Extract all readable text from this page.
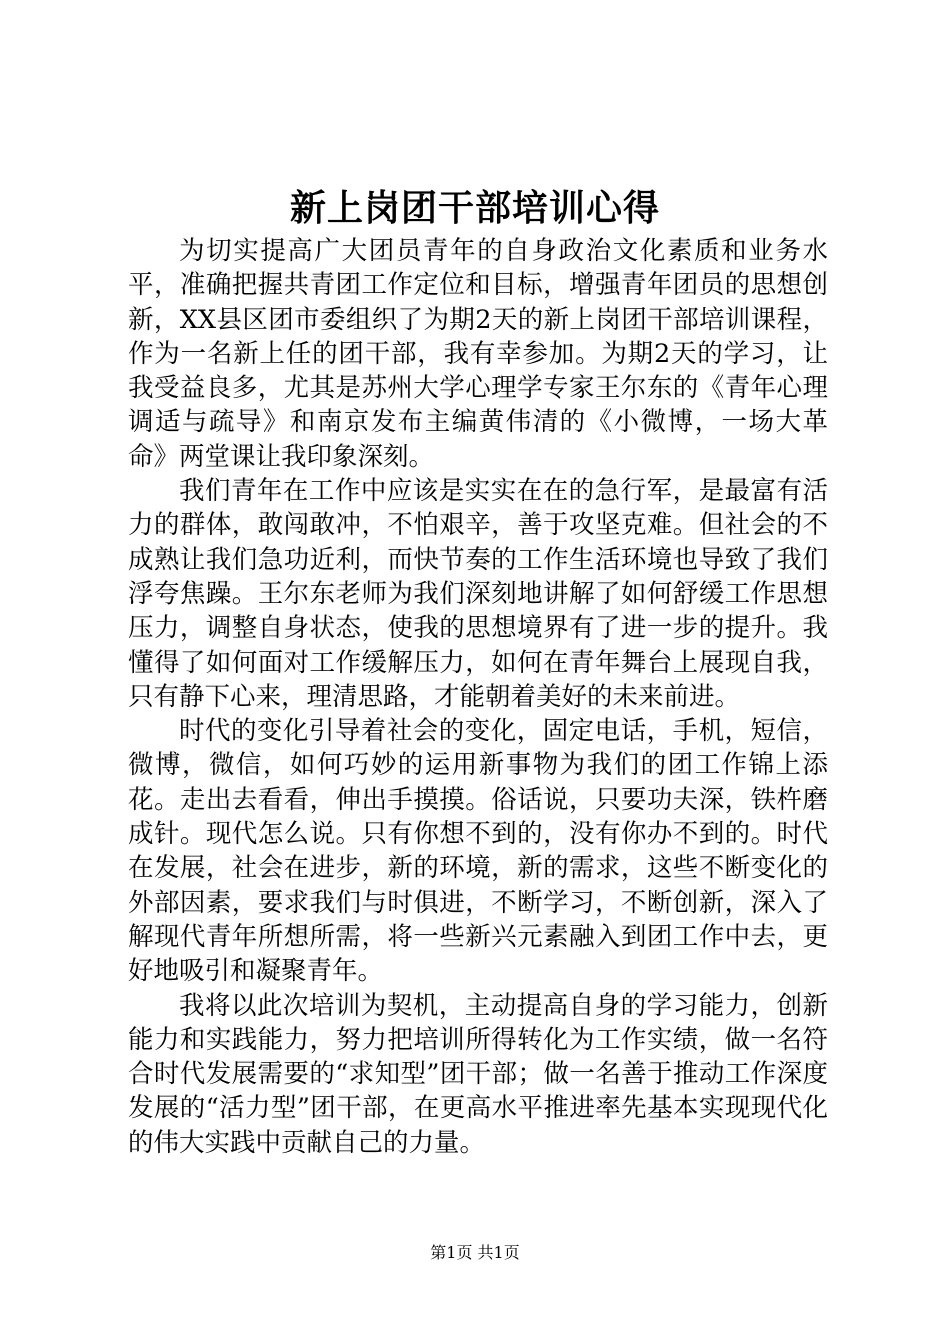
新上岗团干部培训心得

为切实提高广大团员青年的自身政治文化素质和业务水平，准确把握共青团工作定位和目标，增强青年团员的思想创新，XX县区团市委组织了为期2天的新上岗团干部培训课程，作为一名新上任的团干部，我有幸参加。为期2天的学习，让我受益良多，尤其是苏州大学心理学专家王尔东的《青年心理调适与疏导》和南京发布主编黄伟清的《小微博，一场大革命》两堂课让我印象深刻。

我们青年在工作中应该是实实在在的急行军，是最富有活力的群体，敢闯敢冲，不怕艰辛，善于攻坚克难。但社会的不成熟让我们急功近利，而快节奏的工作生活环境也导致了我们浮夸焦躁。王尔东老师为我们深刻地讲解了如何舒缓工作思想压力，调整自身状态，使我的思想境界有了进一步的提升。我懂得了如何面对工作缓解压力，如何在青年舞台上展现自我，只有静下心来，理清思路，才能朝着美好的未来前进。

时代的变化引导着社会的变化，固定电话，手机，短信，微博，微信，如何巧妙的运用新事物为我们的团工作锦上添花。走出去看看，伸出手摸摸。俗话说，只要功夫深，铁杵磨成针。现代怎么说。只有你想不到的，没有你办不到的。时代在发展，社会在进步，新的环境，新的需求，这些不断变化的外部因素，要求我们与时俱进，不断学习，不断创新，深入了解现代青年所想所需，将一些新兴元素融入到团工作中去，更好地吸引和凝聚青年。

我将以此次培训为契机，主动提高自身的学习能力，创新能力和实践能力，努力把培训所得转化为工作实绩，做一名符合时代发展需要的“求知型”团干部；做一名善于推动工作深度发展的“活力型”团干部，在更高水平推进率先基本实现现代化的伟大实践中贡献自己的力量。

第1页 共1页
